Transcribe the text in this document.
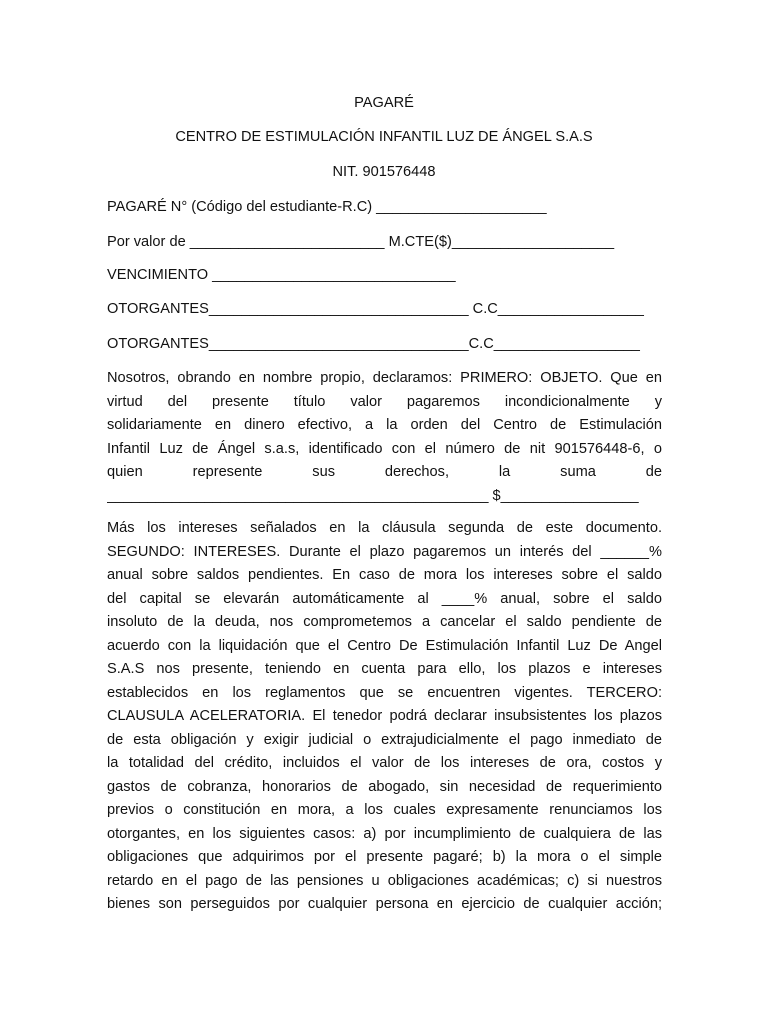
PAGARÉ
CENTRO DE ESTIMULACIÓN INFANTIL LUZ DE ÁNGEL S.A.S
NIT. 901576448
PAGARÉ N° (Código del estudiante-R.C) _____________________
Por valor de ________________________ M.CTE($)____________________
VENCIMIENTO ______________________________
OTORGANTES________________________________ C.C__________________
OTORGANTES________________________________C.C__________________
Nosotros, obrando en nombre propio, declaramos: PRIMERO: OBJETO. Que en
virtud del presente título valor pagaremos incondicionalmente y
solidariamente en dinero efectivo, a la orden del Centro de Estimulación
Infantil Luz de Ángel s.a.s, identificado con el número de nit 901576448-6, o
quien represente sus derechos, la suma de
_______________________________________________ $_________________
Más los intereses señalados en la cláusula segunda de este documento.
SEGUNDO: INTERESES. Durante el plazo pagaremos un interés del ______%
anual sobre saldos pendientes. En caso de mora los intereses sobre el saldo
del capital se elevarán automáticamente al ____% anual, sobre el saldo
insoluto de la deuda, nos comprometemos a cancelar el saldo pendiente de
acuerdo con la liquidación que el Centro De Estimulación Infantil Luz De Angel
S.A.S nos presente, teniendo en cuenta para ello, los plazos e intereses
establecidos en los reglamentos que se encuentren vigentes. TERCERO:
CLAUSULA ACELERATORIA. El tenedor podrá declarar insubsistentes los plazos
de esta obligación y exigir judicial o extrajudicialmente el pago inmediato de
la totalidad del crédito, incluidos el valor de los intereses de ora, costos y
gastos de cobranza, honorarios de abogado, sin necesidad de requerimiento
previos o constitución en mora, a los cuales expresamente renunciamos los
otorgantes, en los siguientes casos: a) por incumplimiento de cualquiera de las
obligaciones que adquirimos por el presente pagaré; b) la mora o el simple
retardo en el pago de las pensiones u obligaciones académicas; c) si nuestros
bienes son perseguidos por cualquier persona en ejercicio de cualquier acción;
